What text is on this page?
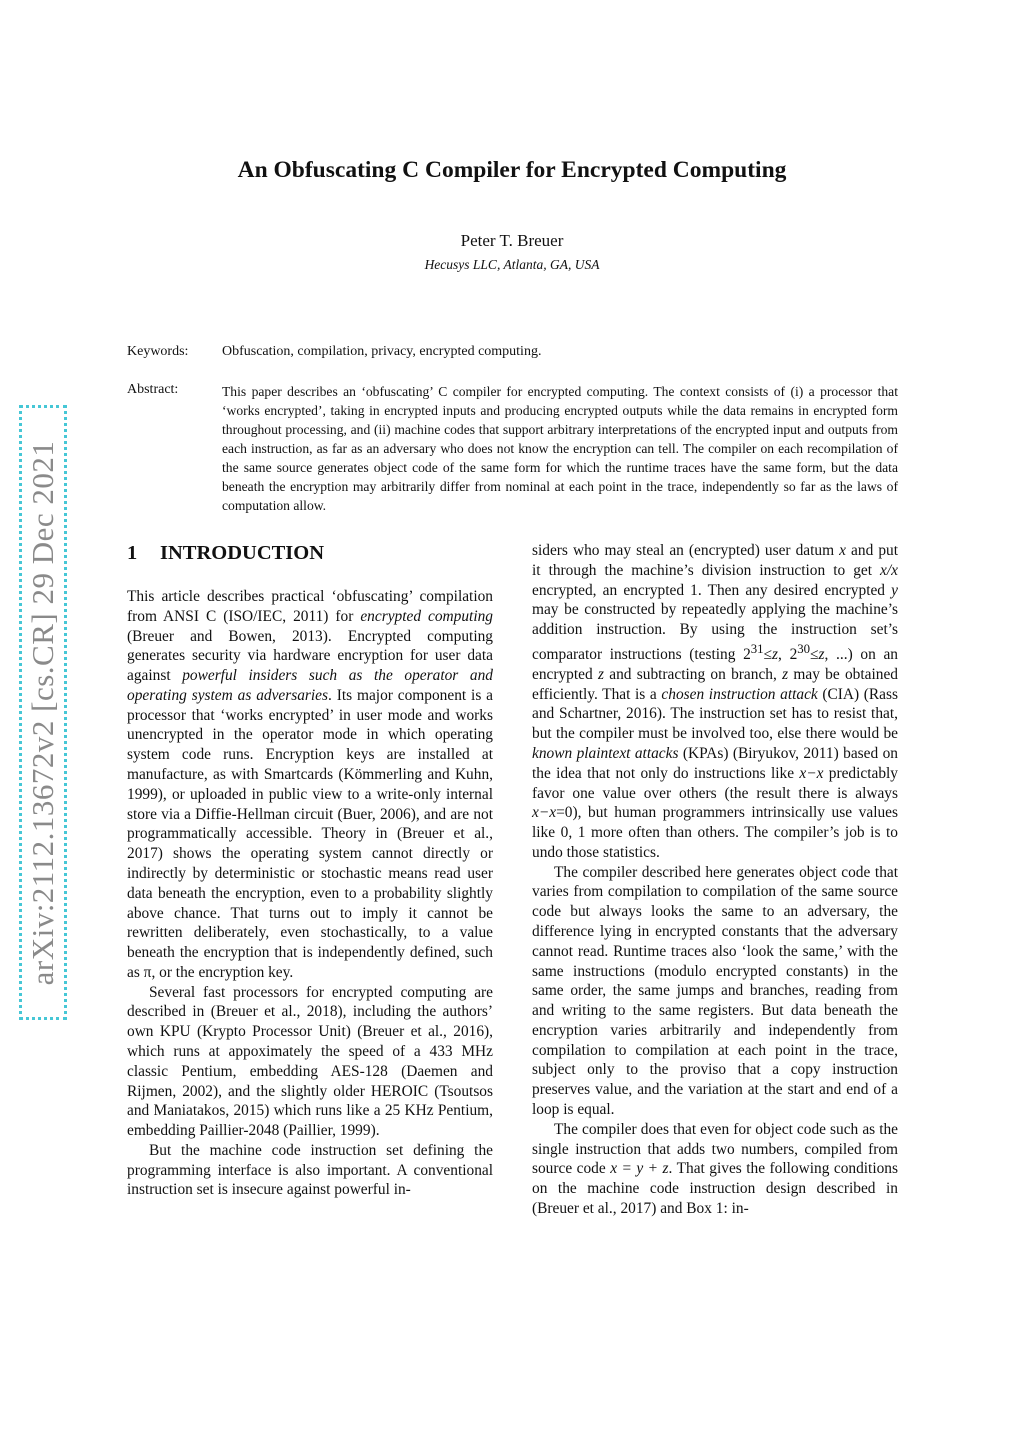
arXiv:2112.13672v2 [cs.CR] 29 Dec 2021
An Obfuscating C Compiler for Encrypted Computing
Peter T. Breuer
Hecusys LLC, Atlanta, GA, USA
Keywords: Obfuscation, compilation, privacy, encrypted computing.
Abstract:	This paper describes an ‘obfuscating’ C compiler for encrypted computing. The context consists of (i) a processor that ‘works encrypted’, taking in encrypted inputs and producing encrypted outputs while the data remains in encrypted form throughout processing, and (ii) machine codes that support arbitrary interpretations of the encrypted input and outputs from each instruction, as far as an adversary who does not know the encryption can tell. The compiler on each recompilation of the same source generates object code of the same form for which the runtime traces have the same form, but the data beneath the encryption may arbitrarily differ from nominal at each point in the trace, independently so far as the laws of computation allow.
1 INTRODUCTION

This article describes practical ‘obfuscating’ compilation from ANSI C (ISO/IEC, 2011) for encrypted computing (Breuer and Bowen, 2013). Encrypted computing generates security via hardware encryption for user data against powerful insiders such as the operator and operating system as adversaries. Its major component is a processor that ‘works encrypted’ in user mode and works unencrypted in the operator mode in which operating system code runs. Encryption keys are installed at manufacture, as with Smartcards (Kömmerling and Kuhn, 1999), or uploaded in public view to a write-only internal store via a Diffie-Hellman circuit (Buer, 2006), and are not programmatically accessible. Theory in (Breuer et al., 2017) shows the operating system cannot directly or indirectly by deterministic or stochastic means read user data beneath the encryption, even to a probability slightly above chance. That turns out to imply it cannot be rewritten deliberately, even stochastically, to a value beneath the encryption that is independently defined, such as π, or the encryption key.

Several fast processors for encrypted computing are described in (Breuer et al., 2018), including the authors’ own KPU (Krypto Processor Unit) (Breuer et al., 2016), which runs at appoximately the speed of a 433 MHz classic Pentium, embedding AES-128 (Daemen and Rijmen, 2002), and the slightly older HEROIC (Tsoutsos and Maniatakos, 2015) which runs like a 25 KHz Pentium, embedding Paillier-2048 (Paillier, 1999).

But the machine code instruction set defining the programming interface is also important. A conventional instruction set is insecure against powerful in-

siders who may steal an (encrypted) user datum x and put it through the machine’s division instruction to get x/x encrypted, an encrypted 1. Then any desired encrypted y may be constructed by repeatedly applying the machine’s addition instruction. By using the instruction set’s comparator instructions (testing $2^{31}\le z$, $2^{30}\le z$, ...) on an encrypted z and subtracting on branch, z may be obtained efficiently. That is a chosen instruction attack (CIA) (Rass and Schartner, 2016). The instruction set has to resist that, but the compiler must be involved too, else there would be known plaintext attacks (KPAs) (Biryukov, 2011) based on the idea that not only do instructions like x−x predictably favor one value over others (the result there is always x−x=0), but human programmers intrinsically use values like 0, 1 more often than others. The compiler’s job is to undo those statistics.

The compiler described here generates object code that varies from compilation to compilation of the same source code but always looks the same to an adversary, the difference lying in encrypted constants that the adversary cannot read. Runtime traces also ‘look the same,’ with the same instructions (modulo encrypted constants) in the same order, the same jumps and branches, reading from and writing to the same registers. But data beneath the encryption varies arbitrarily and independently from compilation to compilation at each point in the trace, subject only to the proviso that a copy instruction preserves value, and the variation at the start and end of a loop is equal.

The compiler does that even for object code such as the single instruction that adds two numbers, compiled from source code x = y + z. That gives the following conditions on the machine code instruction design described in (Breuer et al., 2017) and Box 1: in-
